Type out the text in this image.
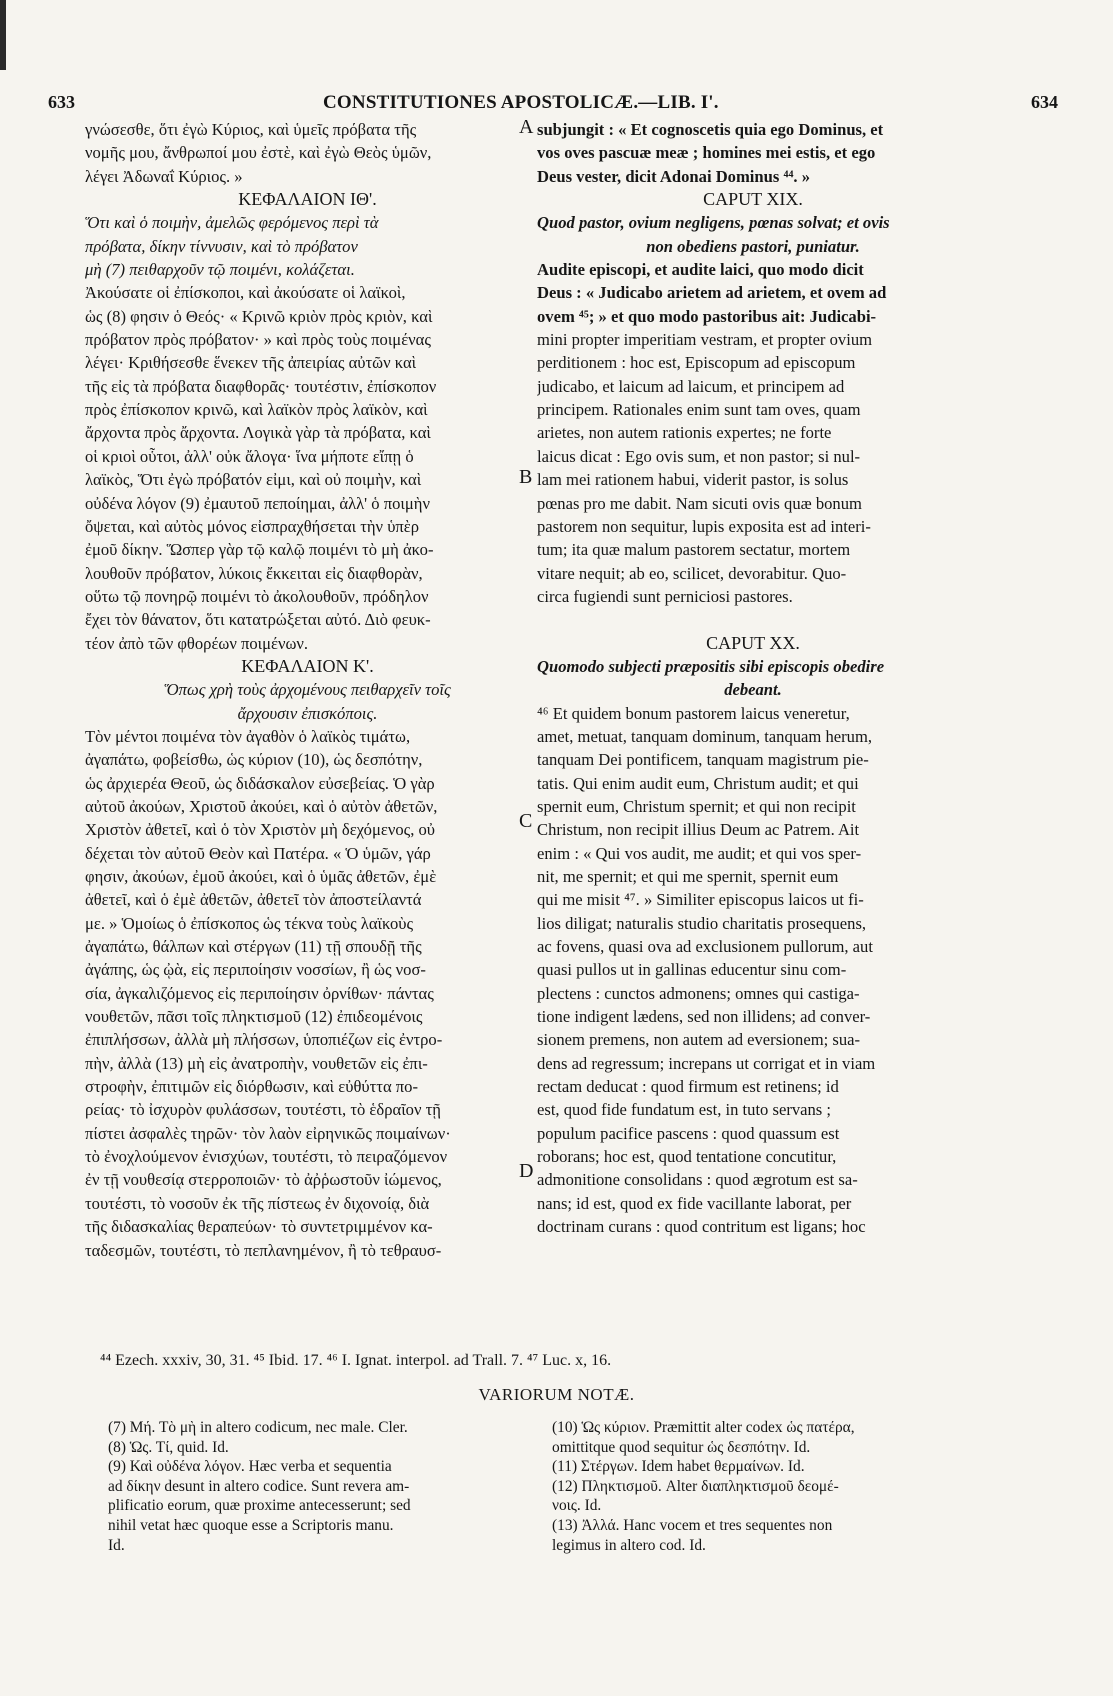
633	CONSTITUTIONES APOSTOLICÆ.—LIB. I'.	634
γνώσεσθε, ὅτι ἐγὼ Κύριος, καὶ ὑμεῖς πρόβατα τῆς
νομῆς μου, ἄνθρωποί μου ἐστὲ, καὶ ἐγὼ Θεὸς ὑμῶν,
λέγει Ἀδωναΐ Κύριος. »
ΚΕΦΑΛΑΙΟΝ ΙΘ'.
Ὅτι καὶ ὁ ποιμὴν, ἀμελῶς φερόμενος περὶ τὰ
πρόβατα, δίκην τίννυσιν, καὶ τὸ πρόβατον
μὴ (7) πειθαρχοῦν τῷ ποιμένι, κολάζεται.
Ἀκούσατε οἱ ἐπίσκοποι, καὶ ἀκούσατε οἱ λαϊκοὶ,
ὡς (8) φησιν ὁ Θεός· « Κρινῶ κριὸν πρὸς κριὸν, καὶ
πρόβατον πρὸς πρόβατον· » καὶ πρὸς τοὺς ποιμένας
λέγει· Κριθήσεσθε ἕνεκεν τῆς ἀπειρίας αὐτῶν καὶ
τῆς εἰς τὰ πρόβατα διαφθορᾶς· τουτέστιν, ἐπίσκοπον
πρὸς ἐπίσκοπον κρινῶ, καὶ λαϊκὸν πρὸς λαϊκὸν, καὶ
ἄρχοντα πρὸς ἄρχοντα. Λογικὰ γὰρ τὰ πρόβατα, καὶ
οἱ κριοὶ οὗτοι, ἀλλ' οὐκ ἄλογα· ἵνα μήποτε εἴπῃ ὁ
λαϊκὸς, Ὅτι ἐγὼ πρόβατόν εἰμι, καὶ οὐ ποιμὴν, καὶ
οὐδένα λόγον (9) ἐμαυτοῦ πεποίημαι, ἀλλ' ὁ ποιμὴν
ὄψεται, καὶ αὐτὸς μόνος εἰσπραχθήσεται τὴν ὑπὲρ
ἐμοῦ δίκην. Ὥσπερ γὰρ τῷ καλῷ ποιμένι τὸ μὴ ἀκο-
λουθοῦν πρόβατον, λύκοις ἔκκειται εἰς διαφθορὰν,
οὕτω τῷ πονηρῷ ποιμένι τὸ ἀκολουθοῦν, πρόδηλον
ἔχει τὸν θάνατον, ὅτι κατατρώξεται αὐτό. Διὸ φευκ-
τέον ἀπὸ τῶν φθορέων ποιμένων.
ΚΕΦΑΛΑΙΟΝ Κ'.
Ὅπως χρὴ τοὺς ἀρχομένους πειθαρχεῖν τοῖς
ἄρχουσιν ἐπισκόποις.
Τὸν μέντοι ποιμένα τὸν ἀγαθὸν ὁ λαϊκὸς τιμάτω,
ἀγαπάτω, φοβείσθω, ὡς κύριον (10), ὡς δεσπότην,
ὡς ἀρχιερέα Θεοῦ, ὡς διδάσκαλον εὐσεβείας. Ὁ γὰρ
αὐτοῦ ἀκούων, Χριστοῦ ἀκούει, καὶ ὁ αὐτὸν ἀθετῶν,
Χριστὸν ἀθετεῖ, καὶ ὁ τὸν Χριστὸν μὴ δεχόμενος, οὐ
δέχεται τὸν αὐτοῦ Θεὸν καὶ Πατέρα. « Ὁ ὑμῶν, γάρ
φησιν, ἀκούων, ἐμοῦ ἀκούει, καὶ ὁ ὑμᾶς ἀθετῶν, ἐμὲ
ἀθετεῖ, καὶ ὁ ἐμὲ ἀθετῶν, ἀθετεῖ τὸν ἀποστείλαντά
με. » Ὁμοίως ὁ ἐπίσκοπος ὡς τέκνα τοὺς λαϊκοὺς
ἀγαπάτω, θάλπων καὶ στέργων (11) τῇ σπουδῇ τῆς
ἀγάπης, ὡς ᾠὰ, εἰς περιποίησιν νοσσίων, ἢ ὡς νοσ-
σία, ἀγκαλιζόμενος εἰς περιποίησιν ὀρνίθων· πάντας
νουθετῶν, πᾶσι τοῖς πληκτισμοῦ (12) ἐπιδεομένοις
ἐπιπλήσσων, ἀλλὰ μὴ πλήσσων, ὑποπιέζων εἰς ἐντρο-
πὴν, ἀλλὰ (13) μὴ εἰς ἀνατροπὴν, νουθετῶν εἰς ἐπι-
στροφὴν, ἐπιτιμῶν εἰς διόρθωσιν, καὶ εὐθύττα πο-
ρείας· τὸ ἰσχυρὸν φυλάσσων, τουτέστι, τὸ ἑδραῖον τῇ
πίστει ἀσφαλὲς τηρῶν· τὸν λαὸν εἰρηνικῶς ποιμαίνων·
τὸ ἐνοχλούμενον ἐνισχύων, τουτέστι, τὸ πειραζόμενον
ἐν τῇ νουθεσίᾳ στερροποιῶν· τὸ ἀῤῥωστοῦν ἰώμενος,
τουτέστι, τὸ νοσοῦν ἐκ τῆς πίστεως ἐν διχονοίᾳ, διὰ
τῆς διδασκαλίας θεραπεύων· τὸ συντετριμμένον κα-
ταδεσμῶν, τουτέστι, τὸ πεπλανημένον, ἢ τὸ τεθραυσ-
subjungit : « Et cognoscetis quia ego Dominus, et
vos oves pascuæ meæ ; homines mei estis, et ego
Deus vester, dicit Adonai Dominus ⁴⁴. »
CAPUT XIX.
Quod pastor, ovium negligens, pœnas solvat; et ovis
non obediens pastori, puniatur.
Audite episcopi, et audite laici, quo modo dicit
Deus : « Judicabo arietem ad arietem, et ovem ad
ovem ⁴⁵; » et quo modo pastoribus ait: Judicabi-
mini propter imperitiam vestram, et propter ovium
perditionem : hoc est, Episcopum ad episcopum
judicabo, et laicum ad laicum, et principem ad
principem. Rationales enim sunt tam oves, quam
arietes, non autem rationis expertes; ne forte
laicus dicat : Ego ovis sum, et non pastor; si nul-
lam mei rationem habui, viderit pastor, is solus
pœnas pro me dabit. Nam sicuti ovis quæ bonum
pastorem non sequitur, lupis exposita est ad interi-
tum; ita quæ malum pastorem sectatur, mortem
vitare nequit; ab eo, scilicet, devorabitur. Quo-
circa fugiendi sunt perniciosi pastores.
CAPUT XX.
Quomodo subjecti præpositis sibi episcopis obedire
debeant.
⁴⁶ Et quidem bonum pastorem laicus veneretur,
amet, metuat, tanquam dominum, tanquam herum,
tanquam Dei pontificem, tanquam magistrum pie-
tatis. Qui enim audit eum, Christum audit; et qui
spernit eum, Christum spernit; et qui non recipit
Christum, non recipit illius Deum ac Patrem. Ait
enim : « Qui vos audit, me audit; et qui vos sper-
nit, me spernit; et qui me spernit, spernit eum
qui me misit ⁴⁷. » Similiter episcopus laicos ut fi-
lios diligat; naturalis studio charitatis prosequens,
ac fovens, quasi ova ad exclusionem pullorum, aut
quasi pullos ut in gallinas educentur sinu com-
plectens : cunctos admonens; omnes qui castiga-
tione indigent lædens, sed non illidens; ad conver-
sionem premens, non autem ad eversionem; sua-
dens ad regressum; increpans ut corrigat et in viam
rectam deducat : quod firmum est retinens; id
est, quod fide fundatum est, in tuto servans ;
populum pacifice pascens : quod quassum est
roborans; hoc est, quod tentatione concutitur,
admonitione consolidans : quod ægrotum est sa-
nans; id est, quod ex fide vacillante laborat, per
doctrinam curans : quod contritum est ligans; hoc
A
B
C
D
⁴⁴ Ezech. xxxiv, 30, 31. ⁴⁵ Ibid. 17. ⁴⁶ I. Ignat. interpol. ad Trall. 7. ⁴⁷ Luc. x, 16.
VARIORUM NOTÆ.
(7) Μή. Τὸ μὴ in altero codicum, nec male. Cler.
(8) Ὡς. Τί, quid. Id.
(9) Καὶ οὐδένα λόγον. Hæc verba et sequentia
ad δίκην desunt in altero codice. Sunt revera am-
plificatio eorum, quæ proxime antecesserunt; sed
nihil vetat hæc quoque esse a Scriptoris manu.
Id.
(10) Ὡς κύριον. Præmittit alter codex ὡς πατέρα,
omittitque quod sequitur ὡς δεσπότην. Id.
(11) Στέργων. Idem habet θερμαίνων. Id.
(12) Πληκτισμοῦ. Alter διαπληκτισμοῦ δεομέ-
νοις. Id.
(13) Ἀλλά. Hanc vocem et tres sequentes non
legimus in altero cod. Id.
